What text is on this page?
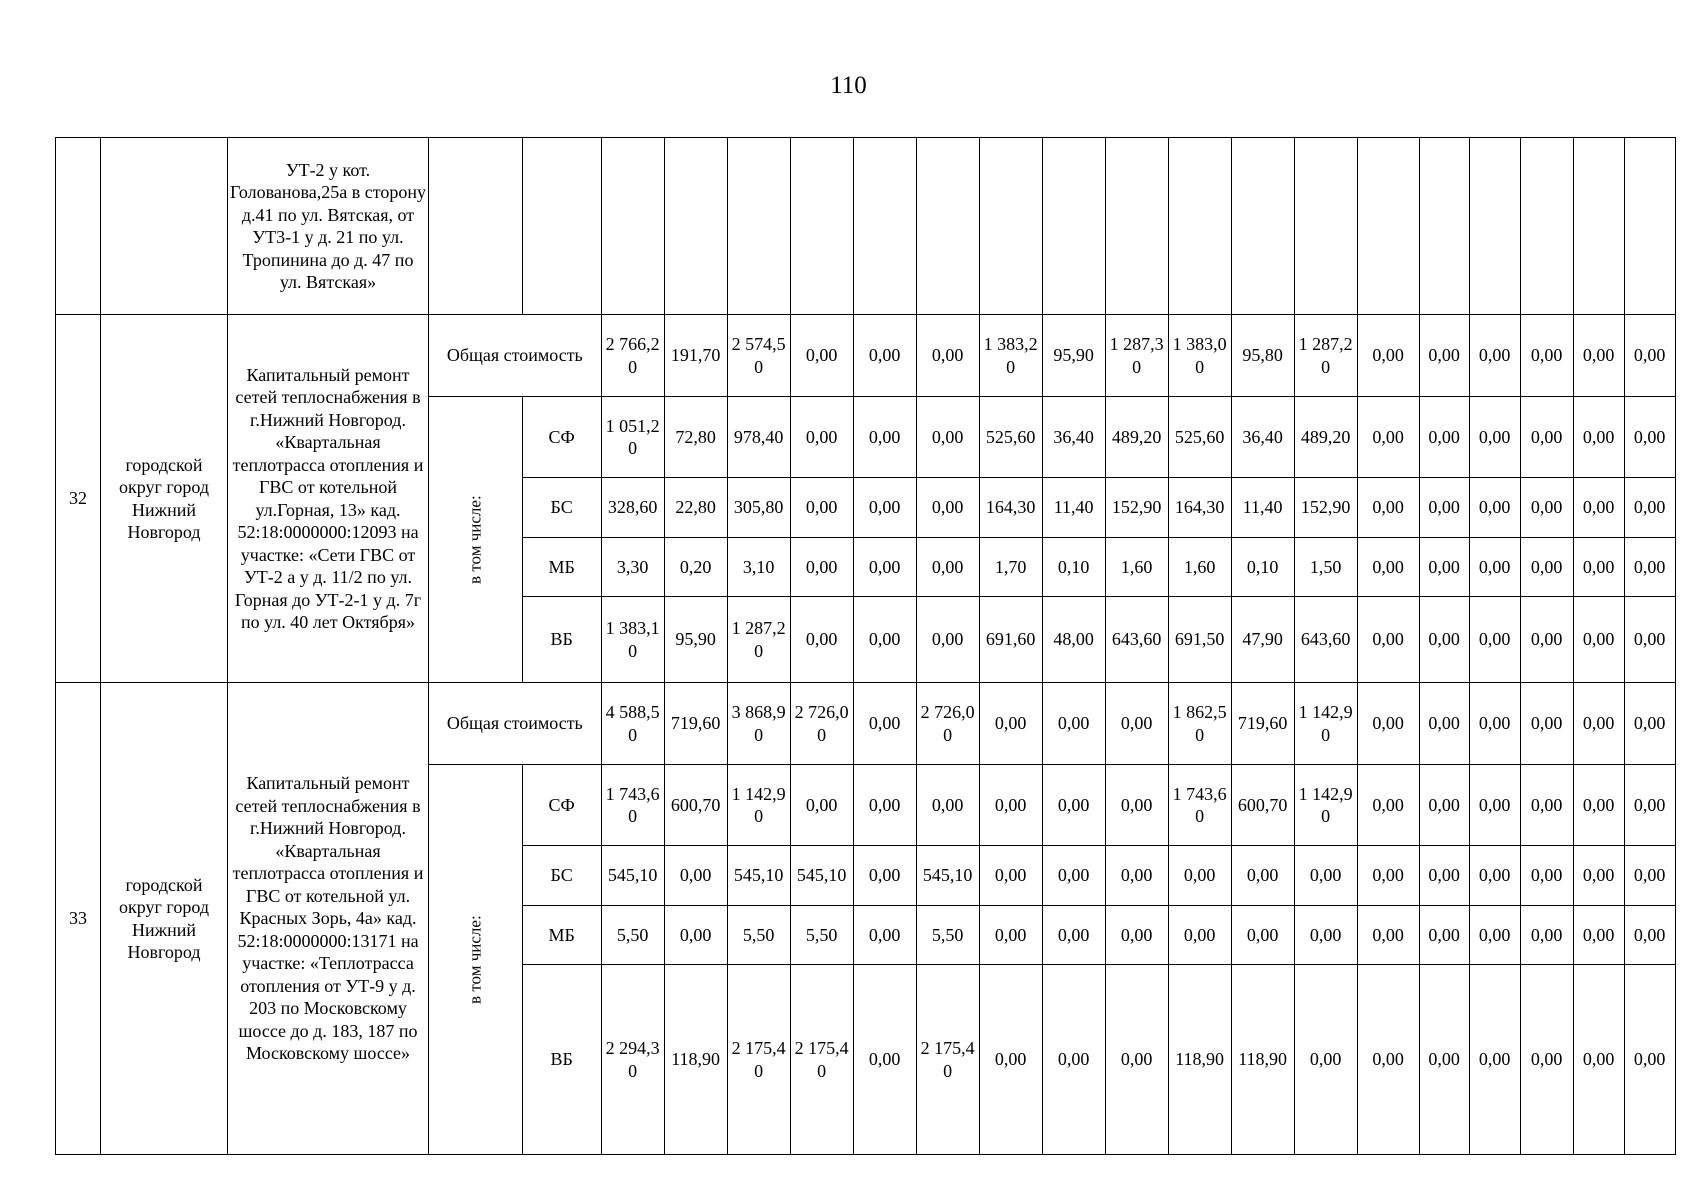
110
		УТ-2 у кот. Голованова,25а в сторону д.41 по ул. Вятская, от УТ3-1 у д. 21 по ул. Тропинина до д. 47 по ул. Вятская»																				
32	городской округ город Нижний Новгород	Капитальный ремонт сетей теплоснабжения в г.Нижний Новгород. «Квартальная теплотрасса отопления и ГВС от котельной ул.Горная, 13» кад. 52:18:0000000:12093 на участке: «Сети ГВС от УТ-2 а у д. 11/2 по ул. Горная до УТ-2-1 у д. 7г по ул. 40 лет Октября»	Общая стоимость		2 766,20	191,70	2 574,50	0,00	0,00	0,00	1 383,20	95,90	1 287,30	1 383,00	95,80	1 287,20	0,00	0,00	0,00	0,00	0,00	0,00
			в том числе:	СФ	1 051,20	72,80	978,40	0,00	0,00	0,00	525,60	36,40	489,20	525,60	36,40	489,20	0,00	0,00	0,00	0,00	0,00	0,00
				БС	328,60	22,80	305,80	0,00	0,00	0,00	164,30	11,40	152,90	164,30	11,40	152,90	0,00	0,00	0,00	0,00	0,00	0,00
				МБ	3,30	0,20	3,10	0,00	0,00	0,00	1,70	0,10	1,60	1,60	0,10	1,50	0,00	0,00	0,00	0,00	0,00	0,00
				ВБ	1 383,10	95,90	1 287,20	0,00	0,00	0,00	691,60	48,00	643,60	691,50	47,90	643,60	0,00	0,00	0,00	0,00	0,00	0,00
33	городской округ город Нижний Новгород	Капитальный ремонт сетей теплоснабжения в г.Нижний Новгород. «Квартальная теплотрасса отопления и ГВС от котельной ул. Красных Зорь, 4а» кад. 52:18:0000000:13171 на участке: «Теплотрасса отопления от УТ-9 у д. 203 по Московскому шоссе до д. 183, 187 по Московскому шоссе»	Общая стоимость		4 588,50	719,60	3 868,90	2 726,00	0,00	2 726,00	0,00	0,00	0,00	1 862,50	719,60	1 142,90	0,00	0,00	0,00	0,00	0,00	0,00
			в том числе:	СФ	1 743,60	600,70	1 142,90	0,00	0,00	0,00	0,00	0,00	0,00	1 743,60	600,70	1 142,90	0,00	0,00	0,00	0,00	0,00	0,00
				БС	545,10	0,00	545,10	545,10	0,00	545,10	0,00	0,00	0,00	0,00	0,00	0,00	0,00	0,00	0,00	0,00	0,00	0,00
				МБ	5,50	0,00	5,50	5,50	0,00	5,50	0,00	0,00	0,00	0,00	0,00	0,00	0,00	0,00	0,00	0,00	0,00	0,00
				ВБ	2 294,30	118,90	2 175,40	2 175,40	0,00	2 175,40	0,00	0,00	0,00	118,90	118,90	0,00	0,00	0,00	0,00	0,00	0,00	0,00
